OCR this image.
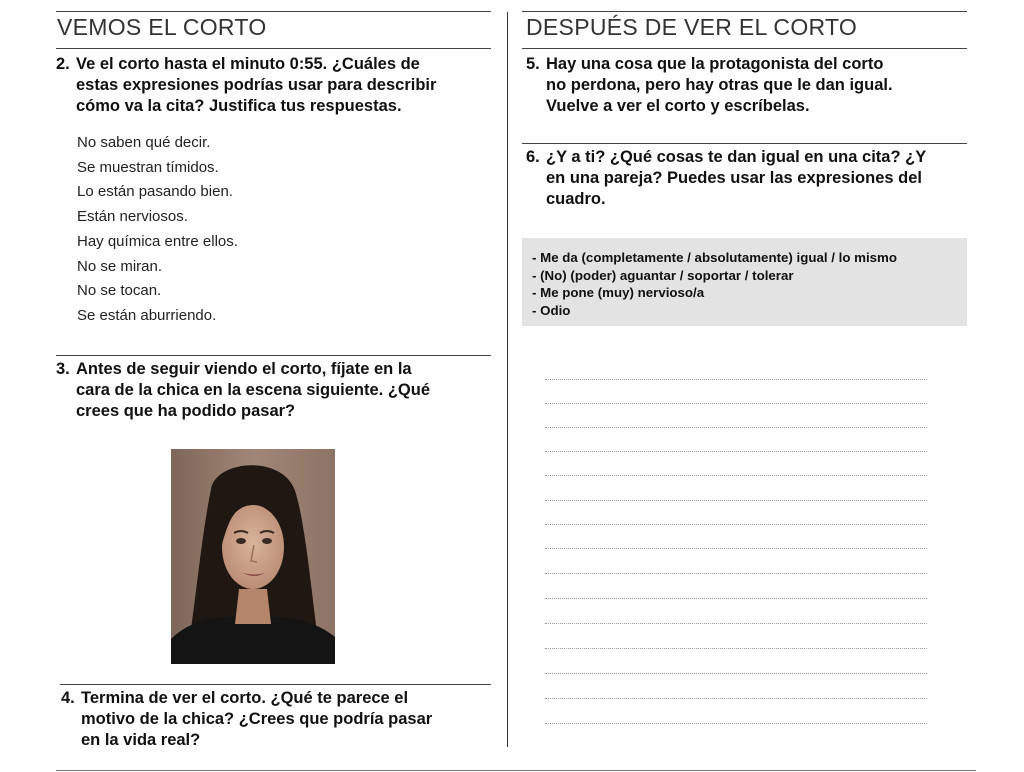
VEMOS EL CORTO	DESPUÉS DE VER EL CORTO
2. Ve el corto hasta el minuto 0:55. ¿Cuáles de
estas expresiones podrías usar para describir
cómo va la cita? Justifica tus respuestas.
No saben qué decir.
Se muestran tímidos.
Lo están pasando bien.
Están nerviosos.
Hay química entre ellos.
No se miran.
No se tocan.
Se están aburriendo.
3. Antes de seguir viendo el corto, fíjate en la
cara de la chica en la escena siguiente. ¿Qué
crees que ha podido pasar?
4. Termina de ver el corto. ¿Qué te parece el
motivo de la chica? ¿Crees que podría pasar
en la vida real?
5. Hay una cosa que la protagonista del corto
no perdona, pero hay otras que le dan igual.
Vuelve a ver el corto y escríbelas.
6. ¿Y a ti? ¿Qué cosas te dan igual en una cita? ¿Y
en una pareja? Puedes usar las expresiones del
cuadro.
- Me da (completamente / absolutamente) igual / lo mismo
- (No) (poder) aguantar / soportar / tolerar
- Me pone (muy) nervioso/a
- Odio
